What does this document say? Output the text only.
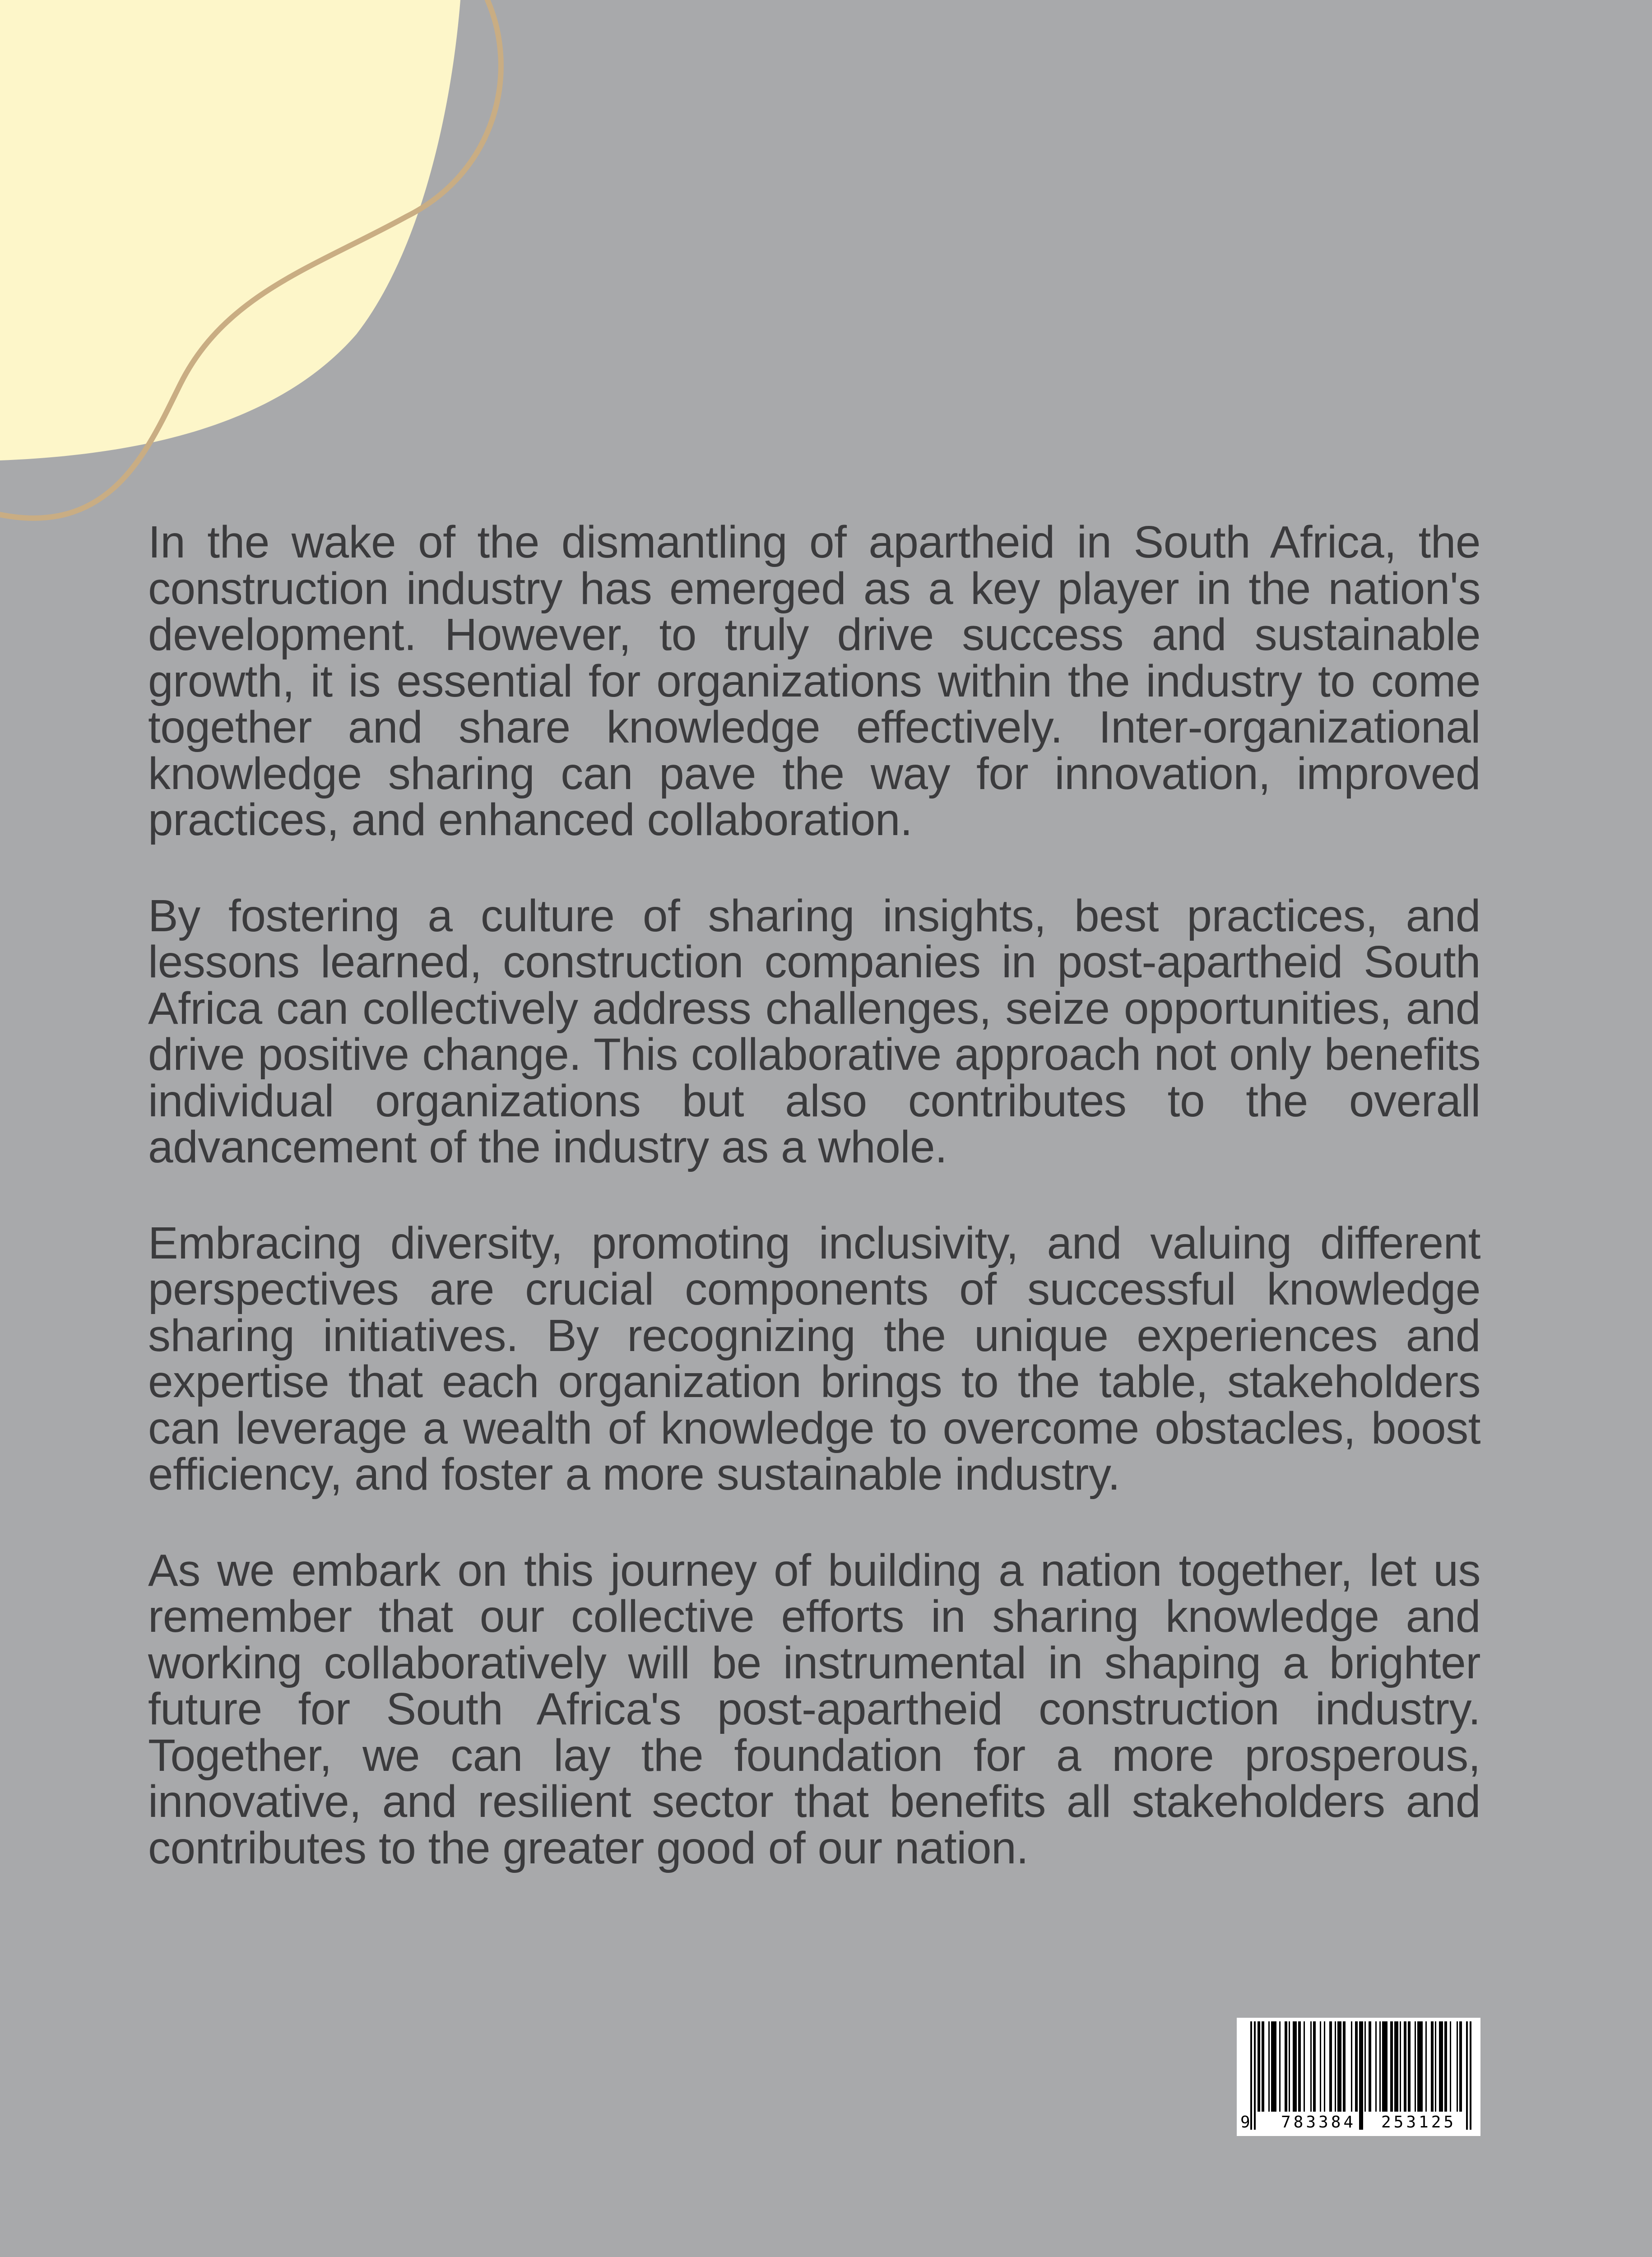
In the wake of the dismantling of apartheid in South Africa, the construction industry has emerged as a key player in the nation's development. However, to truly drive success and sustainable growth, it is essential for organizations within the industry to come together and share knowledge effectively. Inter-organizational knowledge sharing can pave the way for innovation, improved practices, and enhanced collaboration.

By fostering a culture of sharing insights, best practices, and lessons learned, construction companies in post-apartheid South Africa can collectively address challenges, seize opportunities, and drive positive change. This collaborative approach not only benefits individual organizations but also contributes to the overall advancement of the industry as a whole.

Embracing diversity, promoting inclusivity, and valuing different perspectives are crucial components of successful knowledge sharing initiatives. By recognizing the unique experiences and expertise that each organization brings to the table, stakeholders can leverage a wealth of knowledge to overcome obstacles, boost efficiency, and foster a more sustainable industry.

As we embark on this journey of building a nation together, let us remember that our collective efforts in sharing knowledge and working collaboratively will be instrumental in shaping a brighter future for South Africa's post-apartheid construction industry. Together, we can lay the foundation for a more prosperous, innovative, and resilient sector that benefits all stakeholders and contributes to the greater good of our nation.

9 783384 253125
